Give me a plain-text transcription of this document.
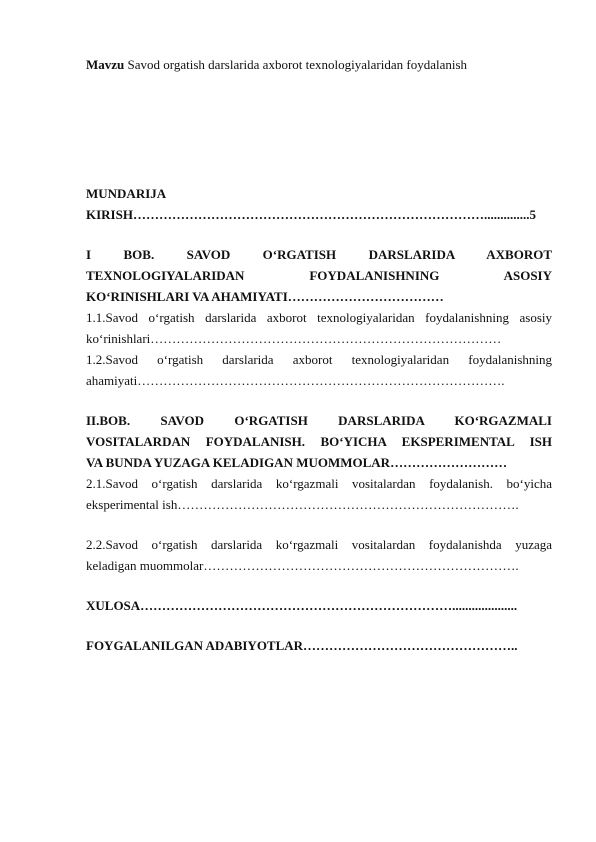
Mavzu Savod orgatish darslarida axborot texnologiyalaridan foydalanish
MUNDARIJA
KIRISH………………………………………………………………………..............5
I BOB. SAVOD O‘RGATISH DARSLARIDA AXBOROT
TEXNOLOGIYALARIDAN FOYDALANISHNING ASOSIY
KO‘RINISHLARI VA AHAMIYATI………………………………
1.1.Savod o‘rgatish darslarida axborot texnologiyalaridan foydalanishning asosiy
ko‘rinishlari………………………………………………………………………
1.2.Savod o‘rgatish darslarida axborot texnologiyalaridan foydalanishning
ahamiyati………………………………………………………………………….
II.BOB. SAVOD O‘RGATISH DARSLARIDA KO‘RGAZMALI
VOSITALARDAN FOYDALANISH. BO‘YICHA EKSPERIMENTAL ISH
VA BUNDA YUZAGA KELADIGAN MUOMMOLAR………………………
2.1.Savod o‘rgatish darslarida ko‘rgazmali vositalardan foydalanish. bo‘yicha
eksperimental ish…………………………………………………………………….
2.2.Savod o‘rgatish darslarida ko‘rgazmali vositalardan foydalanishda yuzaga
keladigan muommolar……………………………………………………………….
XULOSA………………………………………………………………....................
FOYGALANILGAN ADABIYOTLAR…………………………………………..
